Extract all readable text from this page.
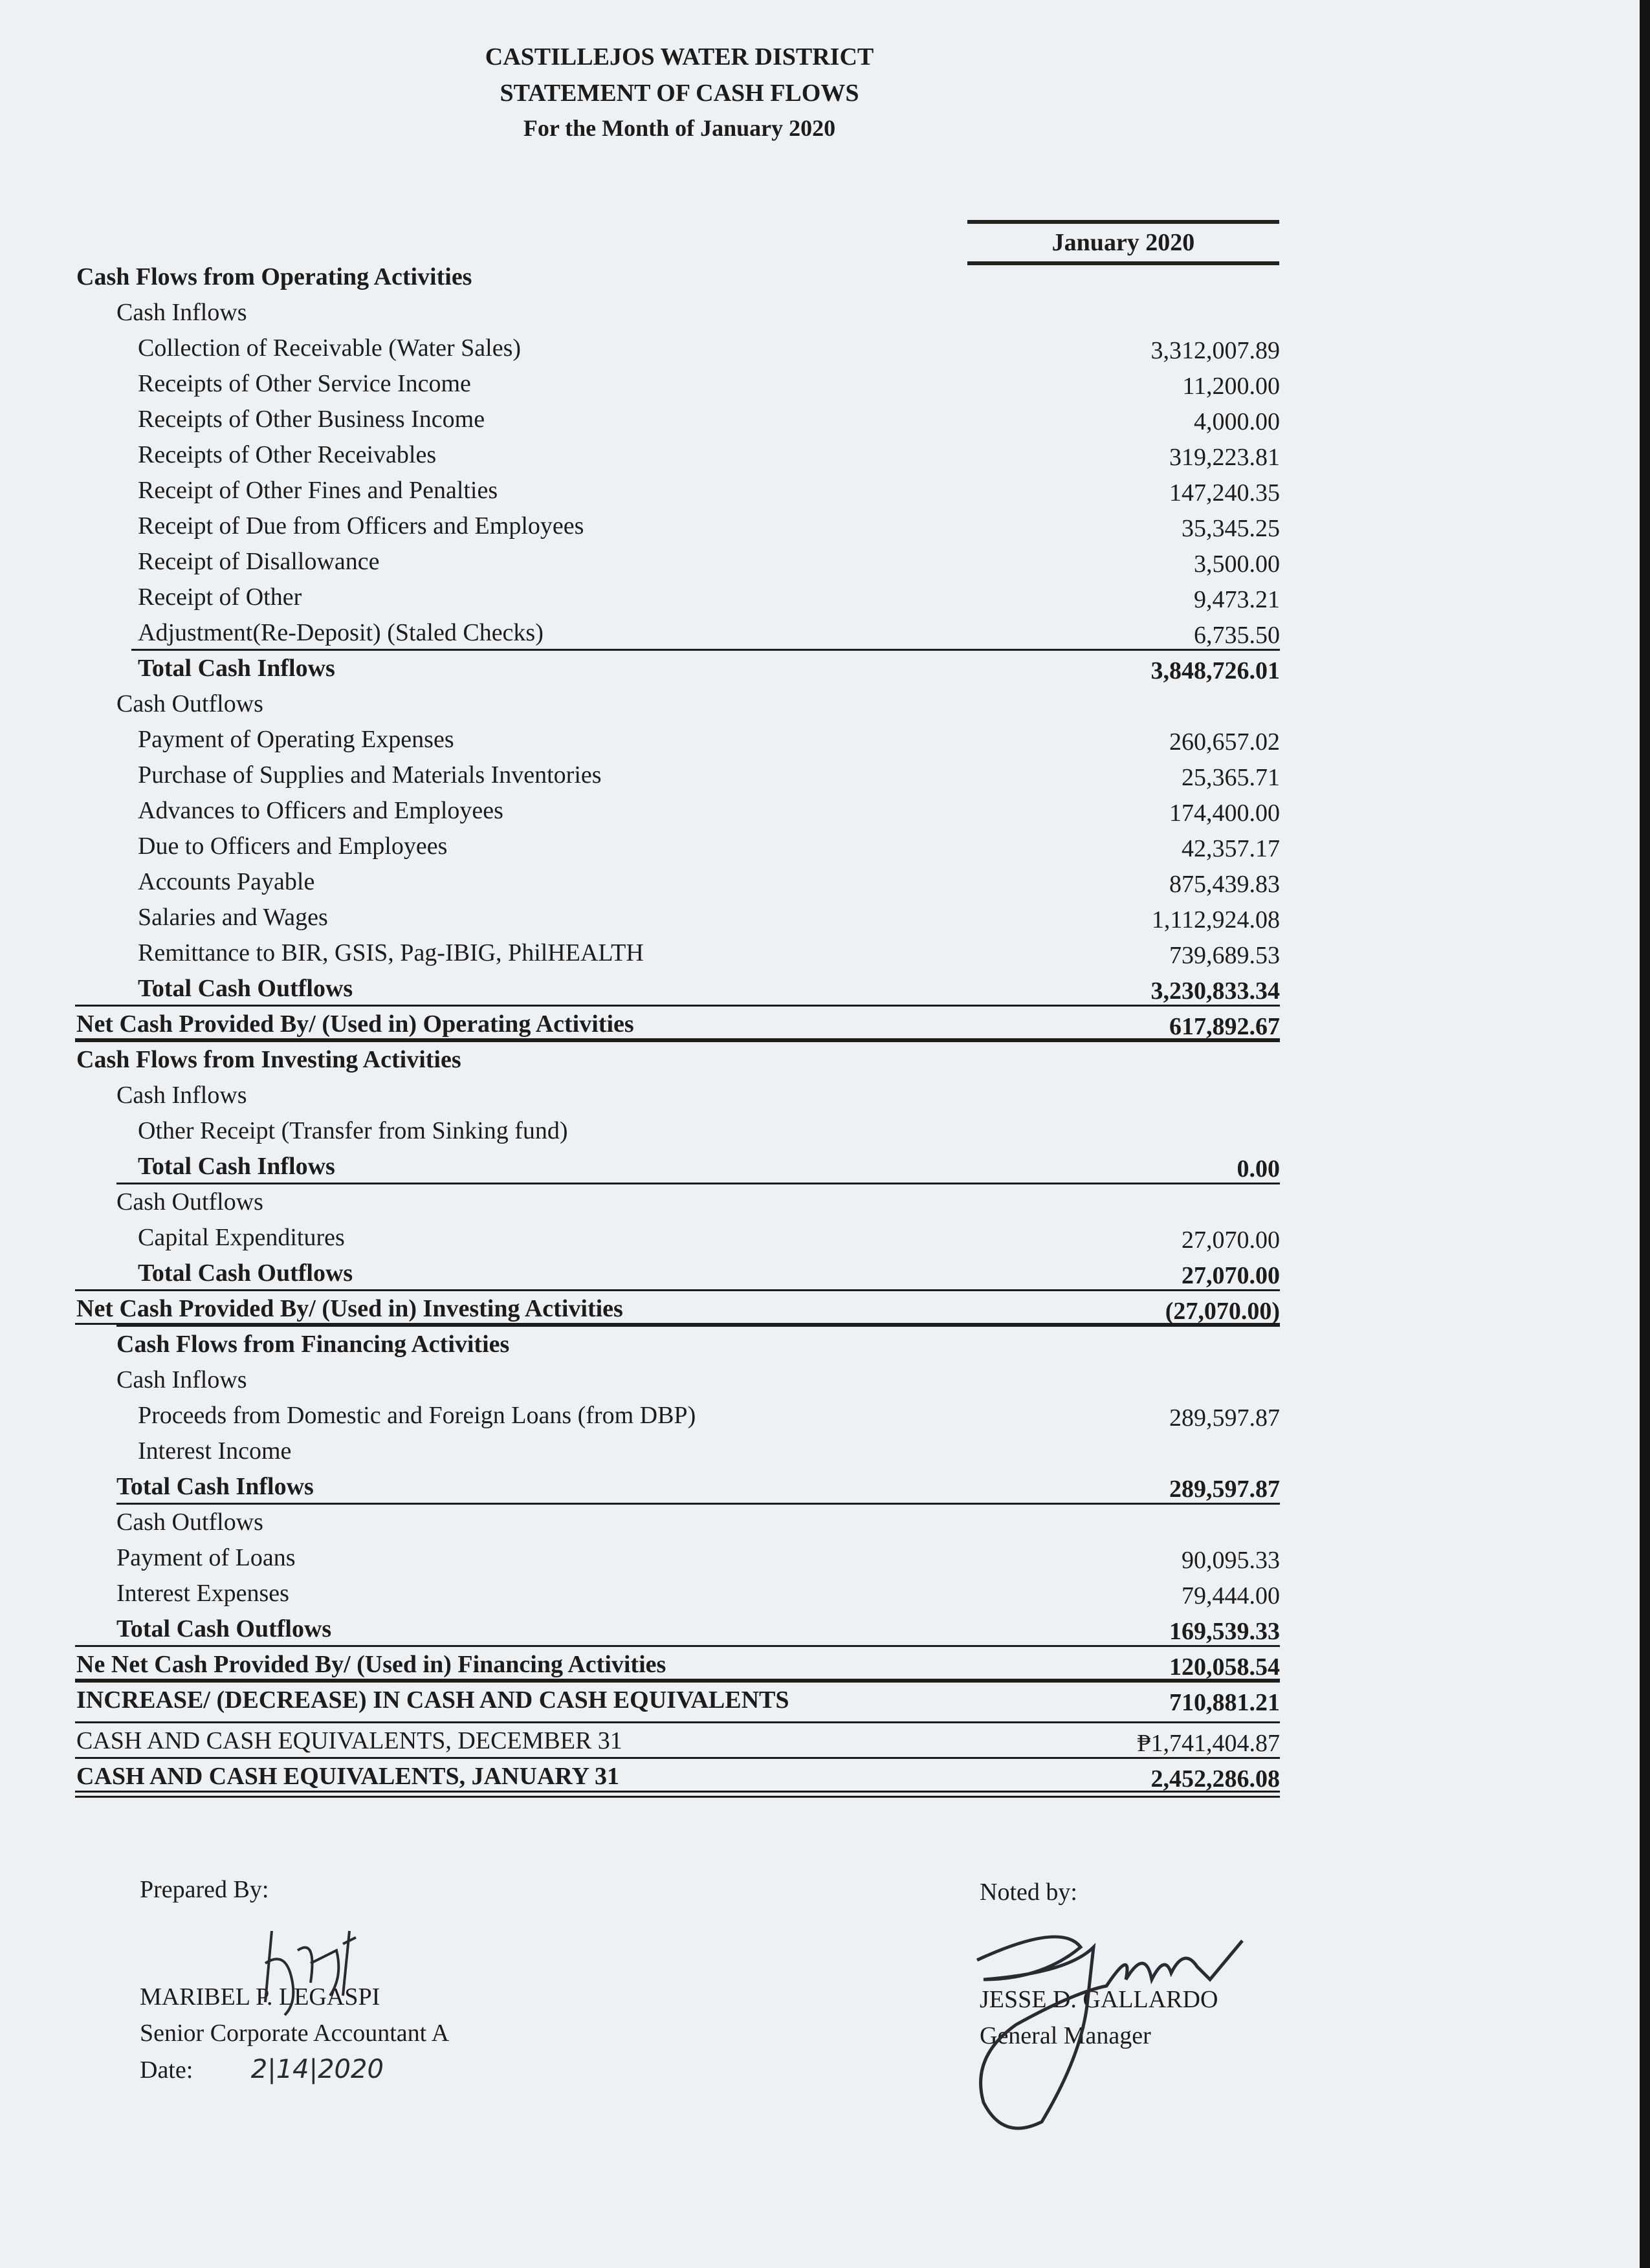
CASTILLEJOS WATER DISTRICT
STATEMENT OF CASH FLOWS
For the Month of January 2020
January 2020
Cash Flows from Operating Activities
Cash Inflows
Collection of Receivable (Water Sales)	3,312,007.89
Receipts of Other Service Income	11,200.00
Receipts of Other Business Income	4,000.00
Receipts of Other Receivables	319,223.81
Receipt of Other Fines and Penalties	147,240.35
Receipt of Due from Officers and Employees	35,345.25
Receipt of Disallowance	3,500.00
Receipt of Other	9,473.21
Adjustment(Re-Deposit) (Staled Checks)	6,735.50
Total Cash Inflows	3,848,726.01
Cash Outflows
Payment of Operating Expenses	260,657.02
Purchase of Supplies and Materials Inventories	25,365.71
Advances to Officers and Employees	174,400.00
Due to Officers and Employees	42,357.17
Accounts Payable	875,439.83
Salaries and Wages	1,112,924.08
Remittance to BIR, GSIS, Pag-IBIG, PhilHEALTH	739,689.53
Total Cash Outflows	3,230,833.34
Net Cash Provided By/ (Used in) Operating Activities	617,892.67
Cash Flows from Investing Activities
Cash Inflows
Other Receipt (Transfer from Sinking fund)
Total Cash Inflows	0.00
Cash Outflows
Capital Expenditures	27,070.00
Total Cash Outflows	27,070.00
Net Cash Provided By/ (Used in) Investing Activities	(27,070.00)
Cash Flows from Financing Activities
Cash Inflows
Proceeds from Domestic and Foreign Loans (from DBP)	289,597.87
Interest Income
Total Cash Inflows	289,597.87
Cash Outflows
Payment of Loans	90,095.33
Interest Expenses	79,444.00
Total Cash Outflows	169,539.33
Ne Net Cash Provided By/ (Used in) Financing Activities	120,058.54
INCREASE/ (DECREASE) IN CASH AND CASH EQUIVALENTS	710,881.21
CASH AND CASH EQUIVALENTS, DECEMBER 31	₱1,741,404.87
CASH AND CASH EQUIVALENTS, JANUARY 31	2,452,286.08
Prepared By:
MARIBEL P. LEGASPI
Senior Corporate Accountant A
Date: 2|14|2020
Noted by:
JESSE D. GALLARDO
General Manager
